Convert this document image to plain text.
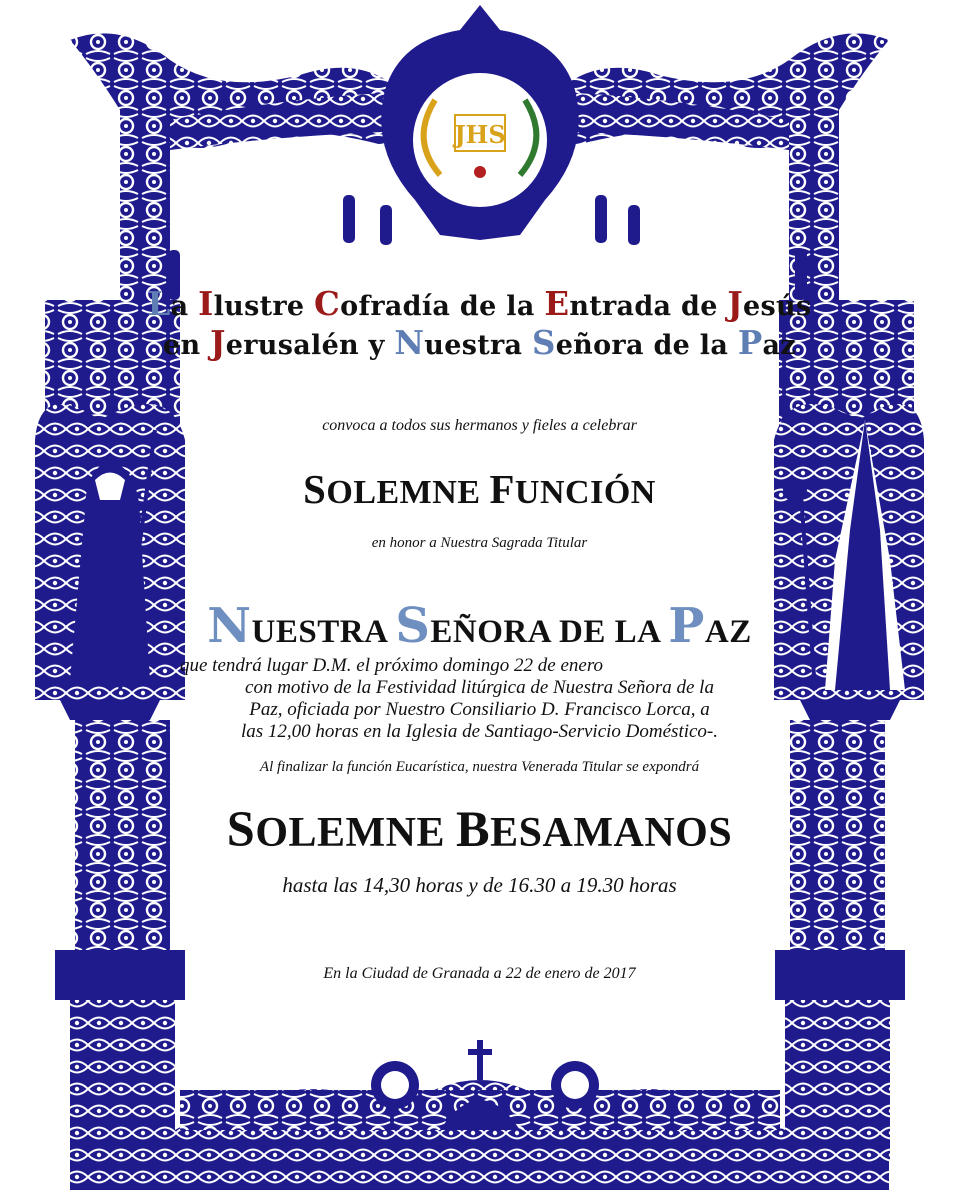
JHS
La Ilustre Cofradía de la Entrada de Jesús
en Jerusalén y Nuestra Señora de la Paz

convoca a todos sus hermanos y fieles a celebrar

SOLEMNE FUNCIÓN

en honor a Nuestra Sagrada Titular

NUESTRA SEÑORA DE LA PAZ

que tendrá lugar D.M. el próximo domingo 22 de enero
con motivo de la Festividad litúrgica de Nuestra Señora de la
Paz, oficiada por Nuestro Consiliario D. Francisco Lorca, a
las 12,00 horas en la Iglesia de Santiago-Servicio Doméstico-.

Al finalizar la función Eucarística, nuestra Venerada Titular se expondrá

SOLEMNE BESAMANOS

hasta las 14,30 horas y de 16.30 a 19.30 horas

En la Ciudad de Granada a 22 de enero de 2017
